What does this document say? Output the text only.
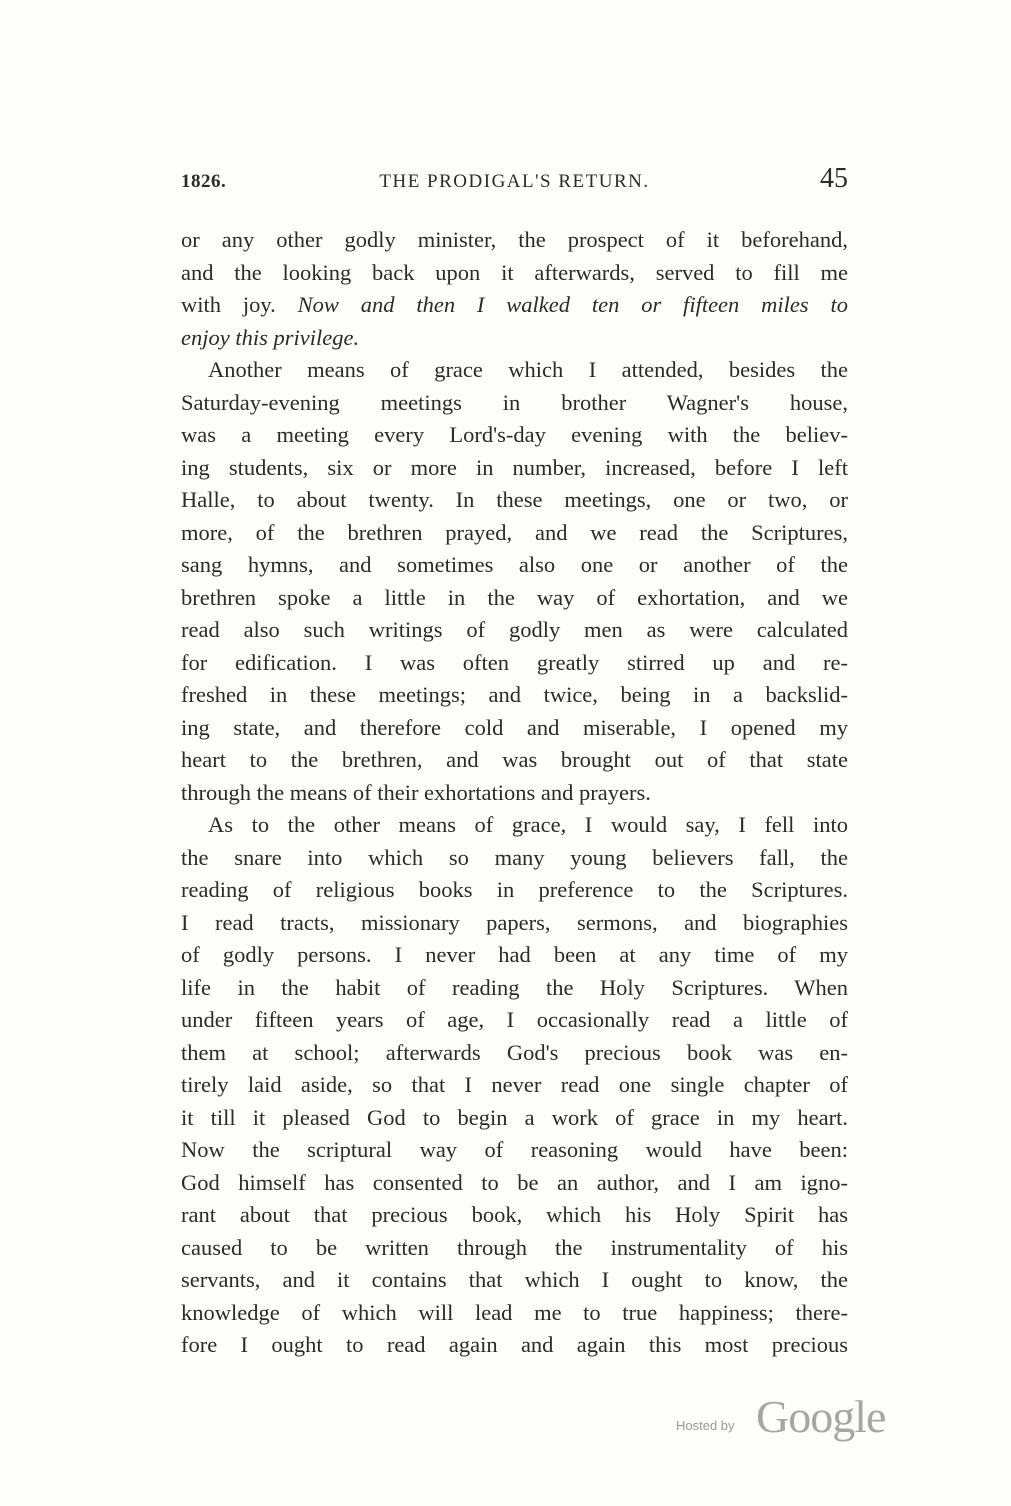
1826.	THE PRODIGAL'S RETURN.	45
or any other godly minister, the prospect of it beforehand,
and the looking back upon it afterwards, served to fill me
with joy. Now and then I walked ten or fifteen miles to
enjoy this privilege.
Another means of grace which I attended, besides the
Saturday-evening meetings in brother Wagner's house,
was a meeting every Lord's-day evening with the believ-
ing students, six or more in number, increased, before I left
Halle, to about twenty. In these meetings, one or two, or
more, of the brethren prayed, and we read the Scriptures,
sang hymns, and sometimes also one or another of the
brethren spoke a little in the way of exhortation, and we
read also such writings of godly men as were calculated
for edification. I was often greatly stirred up and re-
freshed in these meetings; and twice, being in a backslid-
ing state, and therefore cold and miserable, I opened my
heart to the brethren, and was brought out of that state
through the means of their exhortations and prayers.
As to the other means of grace, I would say, I fell into
the snare into which so many young believers fall, the
reading of religious books in preference to the Scriptures.
I read tracts, missionary papers, sermons, and biographies
of godly persons. I never had been at any time of my
life in the habit of reading the Holy Scriptures. When
under fifteen years of age, I occasionally read a little of
them at school; afterwards God's precious book was en-
tirely laid aside, so that I never read one single chapter of
it till it pleased God to begin a work of grace in my heart.
Now the scriptural way of reasoning would have been:
God himself has consented to be an author, and I am igno-
rant about that precious book, which his Holy Spirit has
caused to be written through the instrumentality of his
servants, and it contains that which I ought to know, the
knowledge of which will lead me to true happiness; there-
fore I ought to read again and again this most precious
Hosted by Google
